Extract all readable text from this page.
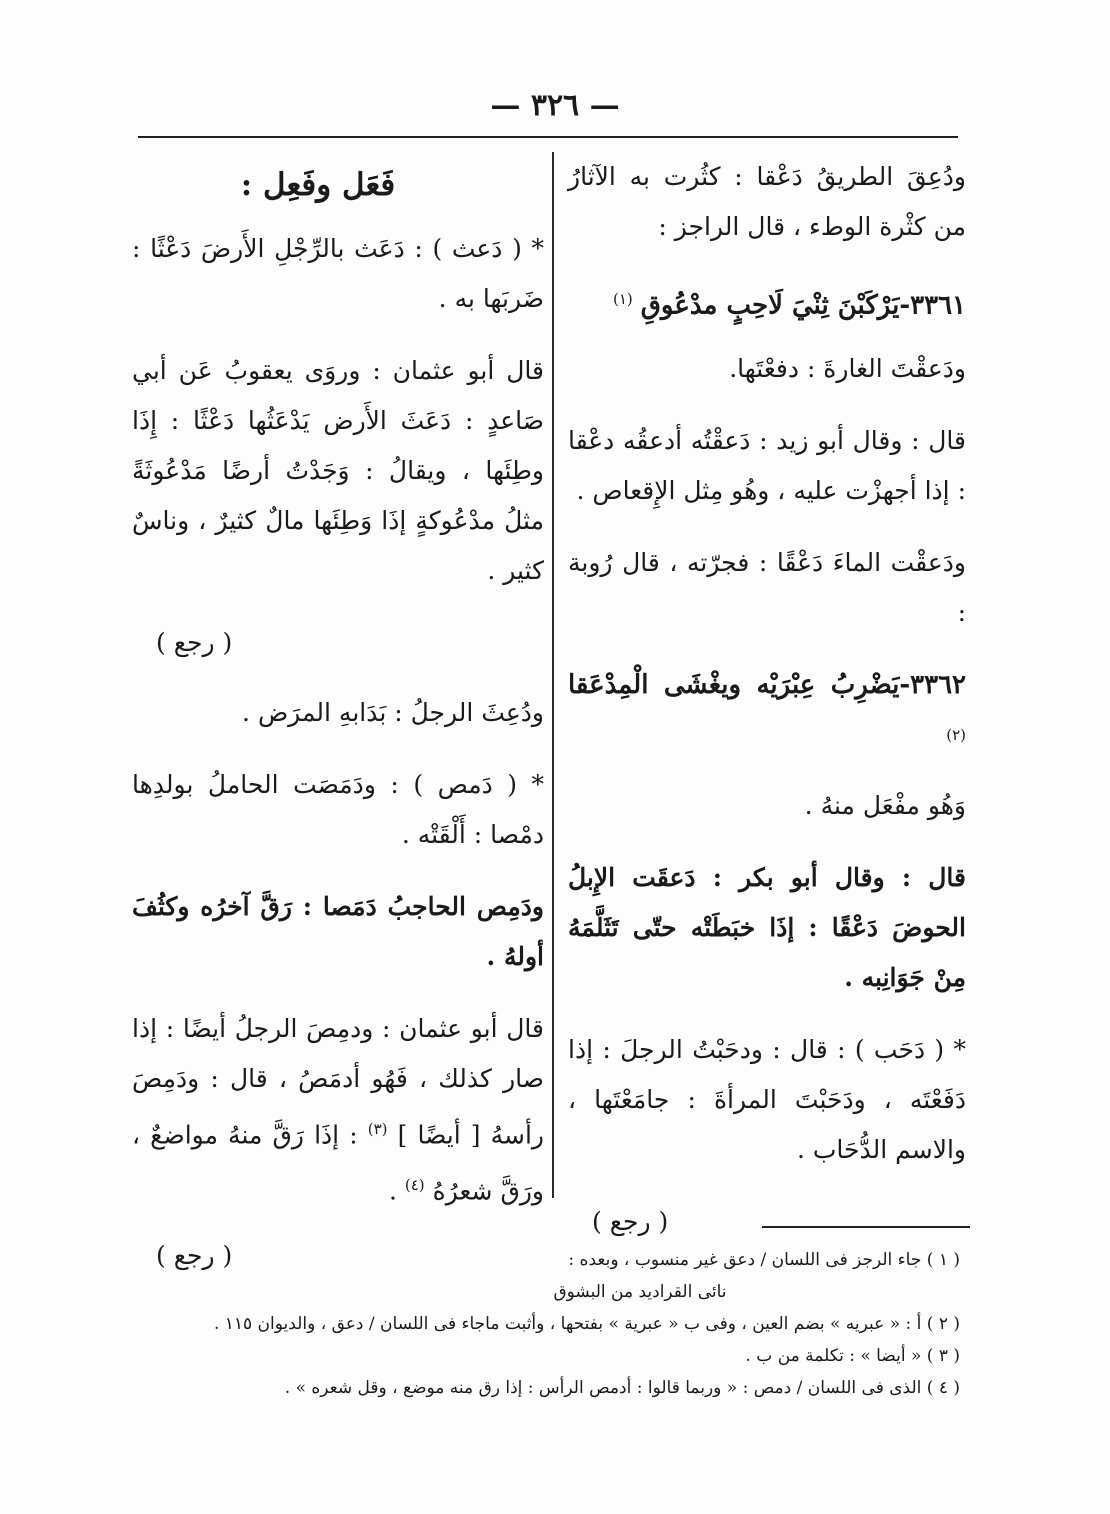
— ٣٢٦ —

ودُعِقَ الطريقُ دَعْقا : كثُرت به الآثارُ من كثْرة الوطء ، قال الراجز :

٣٣٦١-يَرْكَبْنَ ثِنْيَ لَاحِبٍ مدْعُوقِ $^{(١)}$

ودَعقْتَ الغارةَ : دفعْتَها.

قال : وقال أبو زيد : دَعقْتُه أدعقُه دعْقا : إذا أجهزْت عليه ، وهُو مِثل الإِقعاص .

ودَعقْت الماءَ دَعْقًا : فجرّته ، قال رُوبة :

٣٣٦٢-يَضْرِبُ عِبْرَيْه ويغْشَى الْمِدْعَقا $^{(٢)}$

وَهُو مفْعَل منهُ .

قال : وقال أبو بكر : دَعقَت الإِبلُ الحوضَ دَعْقًا : إذَا خبَطَتْه حتّى تَثَلَّمَهُ مِنْ جَوَانِبه .

* ( دَحَب ) : قال : ودحَبْتُ الرجلَ : إذا دَفَعْتَه ، ودَحَبْتَ المرأةَ : جامَعْتَها ، والاسم الدُّحَاب .

( رجع )
فَعَل وفَعِل :

* ( دَعث ) : دَعَث بالرِّجْلِ الأَرضَ دَعْثًا : ضَربَها به .

قال أبو عثمان : وروَى يعقوبُ عَن أبي صَاعدٍ : دَعَثَ الأَرض يَدْعَثُها دَعْثًا : إِذَا وطِئَها ، ويقالُ : وَجَدْتُ أرضًا مَدْعُوثَةً مثلُ مدْعُوكةٍ إذَا وَطِئَها مالٌ كثيرٌ ، وناسٌ كثير .

( رجع )

ودُعِثَ الرجلُ : بَدَابهِ المرَض .

* ( دَمص ) : ودَمَصَت الحاملُ بولدِها دمْصا : أَلْقَتْه .

ودَمِص الحاجبُ دَمَصا : رَقَّ آخرُه وكثُفَ أولهُ .

قال أبو عثمان : ودمِصَ الرجلُ أيضًا : إذا صار كذلك ، فَهُو أدمَصُ ، قال : ودَمِصَ رأسهُ [ أيضًا ] $^{(٣)}$ : إذَا رَقَّ منهُ مواضعٌ ، ورَقَّ شعرُهُ $^{(٤)}$ .

( رجع )	( ١ ) جاء الرجز فى اللسان / دعق غير منسوب ، وبعده :

نائى القراديد من البشوق

( ٢ ) أ : « عبريه » بضم العين ، وفى ب « عبرية » بفتحها ، وأثبت ماجاء فى اللسان / دعق ، والديوان ١١٥ .

( ٣ ) « أيضا » : تكلمة من ب .

( ٤ ) الذى فى اللسان / دمص : « وربما قالوا : أدمص الرأس : إذا رق منه موضع ، وقل شعره » .
